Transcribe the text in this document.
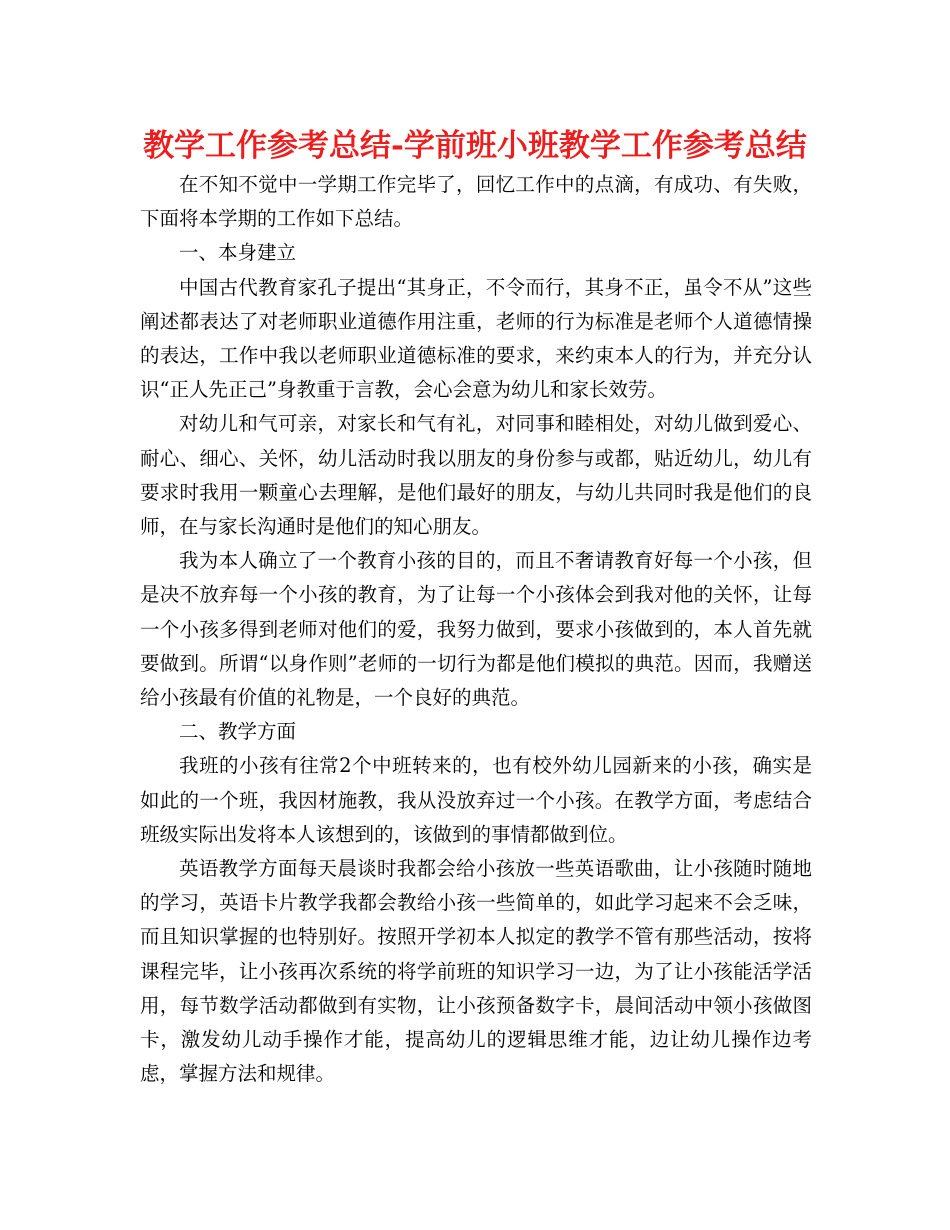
教学工作参考总结-学前班小班教学工作参考总结

在不知不觉中一学期工作完毕了，回忆工作中的点滴，有成功、有失败，下面将本学期的工作如下总结。

一、本身建立

中国古代教育家孔子提出“其身正，不令而行，其身不正，虽令不从”这些阐述都表达了对老师职业道德作用注重，老师的行为标准是老师个人道德情操的表达，工作中我以老师职业道德标准的要求，来约束本人的行为，并充分认识“正人先正己”身教重于言教，会心会意为幼儿和家长效劳。

对幼儿和气可亲，对家长和气有礼，对同事和睦相处，对幼儿做到爱心、耐心、细心、关怀，幼儿活动时我以朋友的身份参与或都，贴近幼儿，幼儿有要求时我用一颗童心去理解，是他们最好的朋友，与幼儿共同时我是他们的良师，在与家长沟通时是他们的知心朋友。

我为本人确立了一个教育小孩的目的，而且不奢请教育好每一个小孩，但是决不放弃每一个小孩的教育，为了让每一个小孩体会到我对他的关怀，让每一个小孩多得到老师对他们的爱，我努力做到，要求小孩做到的，本人首先就要做到。所谓“以身作则”老师的一切行为都是他们模拟的典范。因而，我赠送给小孩最有价值的礼物是，一个良好的典范。

二、教学方面

我班的小孩有往常2个中班转来的，也有校外幼儿园新来的小孩，确实是如此的一个班，我因材施教，我从没放弃过一个小孩。在教学方面，考虑结合班级实际出发将本人该想到的，该做到的事情都做到位。

英语教学方面每天晨谈时我都会给小孩放一些英语歌曲，让小孩随时随地的学习，英语卡片教学我都会教给小孩一些简单的，如此学习起来不会乏味，而且知识掌握的也特别好。按照开学初本人拟定的教学不管有那些活动，按将课程完毕，让小孩再次系统的将学前班的知识学习一边，为了让小孩能活学活用，每节数学活动都做到有实物，让小孩预备数字卡，晨间活动中领小孩做图卡，激发幼儿动手操作才能，提高幼儿的逻辑思维才能，边让幼儿操作边考虑，掌握方法和规律。
